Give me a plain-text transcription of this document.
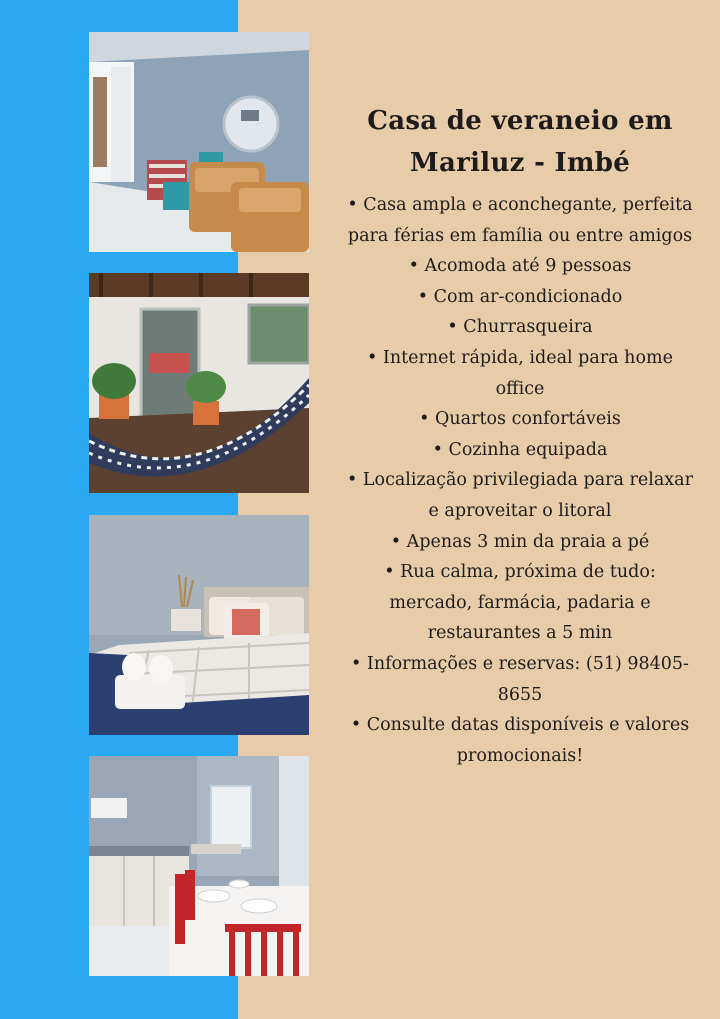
Casa de veraneio em Mariluz - Imbé
• Casa ampla e aconchegante, perfeita para férias em família ou entre amigos
• Acomoda até 9 pessoas
• Com ar-condicionado
• Churrasqueira
• Internet rápida, ideal para home office
• Quartos confortáveis
• Cozinha equipada
• Localização privilegiada para relaxar e aproveitar o litoral
• Apenas 3 min da praia a pé
• Rua calma, próxima de tudo: mercado, farmácia, padaria e restaurantes a 5 min
• Informações e reservas: (51) 98405-8655
• Consulte datas disponíveis e valores promocionais!
